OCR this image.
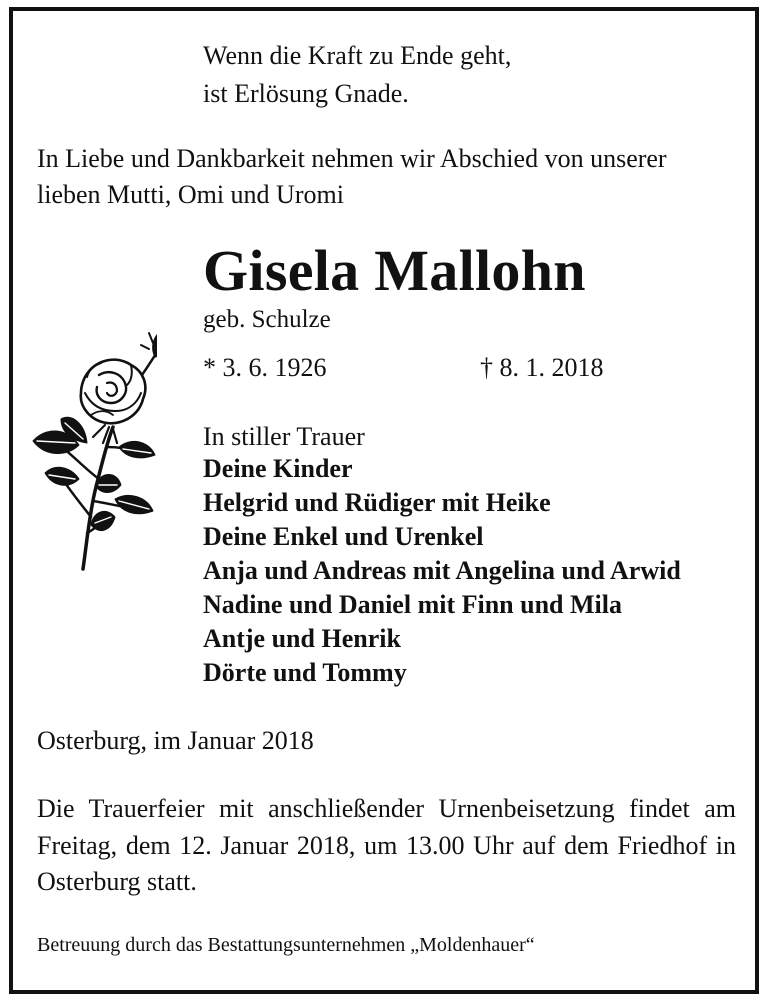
Wenn die Kraft zu Ende geht,
ist Erlösung Gnade.
In Liebe und Dankbarkeit nehmen wir Abschied von unserer
lieben Mutti, Omi und Uromi
Gisela Mallohn
geb. Schulze
* 3. 6. 1926	† 8. 1. 2018
In stiller Trauer
Deine Kinder
Helgrid und Rüdiger mit Heike
Deine Enkel und Urenkel
Anja und Andreas mit Angelina und Arwid
Nadine und Daniel mit Finn und Mila
Antje und Henrik
Dörte und Tommy
Osterburg, im Januar 2018

Die Trauerfeier mit anschließender Urnenbeisetzung findet am Freitag, dem 12. Januar 2018, um 13.00 Uhr auf dem Friedhof in Osterburg statt.

Betreuung durch das Bestattungsunternehmen „Moldenhauer“
